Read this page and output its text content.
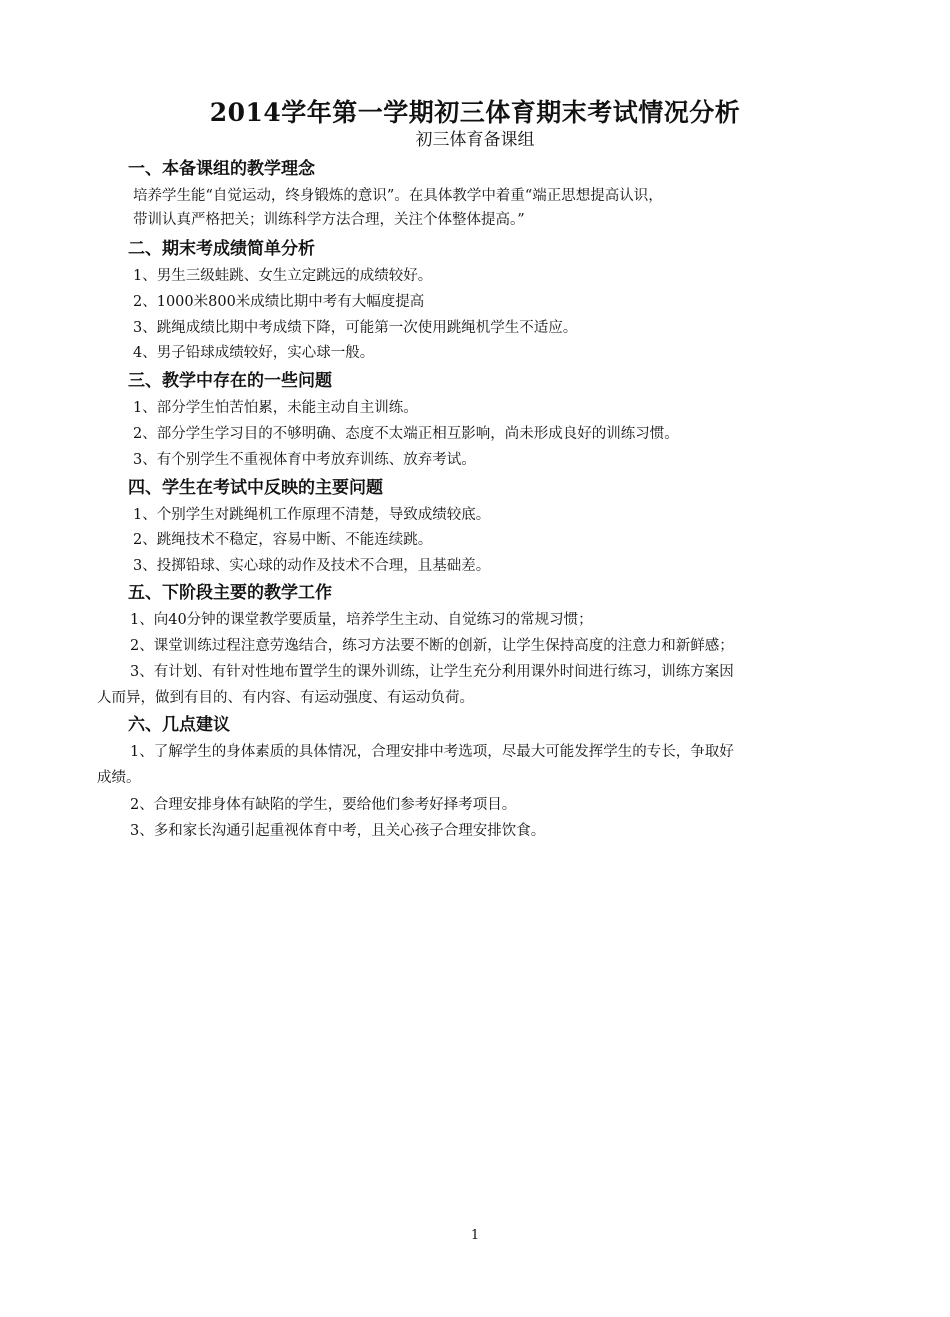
2014学年第一学期初三体育期末考试情况分析
初三体育备课组
一、本备课组的教学理念
培养学生能“自觉运动，终身锻炼的意识”。在具体教学中着重“端正思想提高认识，
带训认真严格把关；训练科学方法合理，关注个体整体提高。”
二、期末考成绩简单分析
1、男生三级蛙跳、女生立定跳远的成绩较好。
2、1000米800米成绩比期中考有大幅度提高
3、跳绳成绩比期中考成绩下降，可能第一次使用跳绳机学生不适应。
4、男子铅球成绩较好，实心球一般。
三、教学中存在的一些问题
1、部分学生怕苦怕累，未能主动自主训练。
2、部分学生学习目的不够明确、态度不太端正相互影响，尚未形成良好的训练习惯。
3、有个别学生不重视体育中考放弃训练、放弃考试。
四、学生在考试中反映的主要问题
1、个别学生对跳绳机工作原理不清楚，导致成绩较底。
2、跳绳技术不稳定，容易中断、不能连续跳。
3、投掷铅球、实心球的动作及技术不合理，且基础差。
五、下阶段主要的教学工作
1、向40分钟的课堂教学要质量，培养学生主动、自觉练习的常规习惯；
2、课堂训练过程注意劳逸结合，练习方法要不断的创新，让学生保持高度的注意力和新鲜感；
3、有计划、有针对性地布置学生的课外训练，让学生充分利用课外时间进行练习，训练方案因
人而异，做到有目的、有内容、有运动强度、有运动负荷。
六、几点建议
1、了解学生的身体素质的具体情况，合理安排中考选项，尽最大可能发挥学生的专长，争取好
成绩。
2、合理安排身体有缺陷的学生，要给他们参考好择考项目。
3、多和家长沟通引起重视体育中考，且关心孩子合理安排饮食。
1
